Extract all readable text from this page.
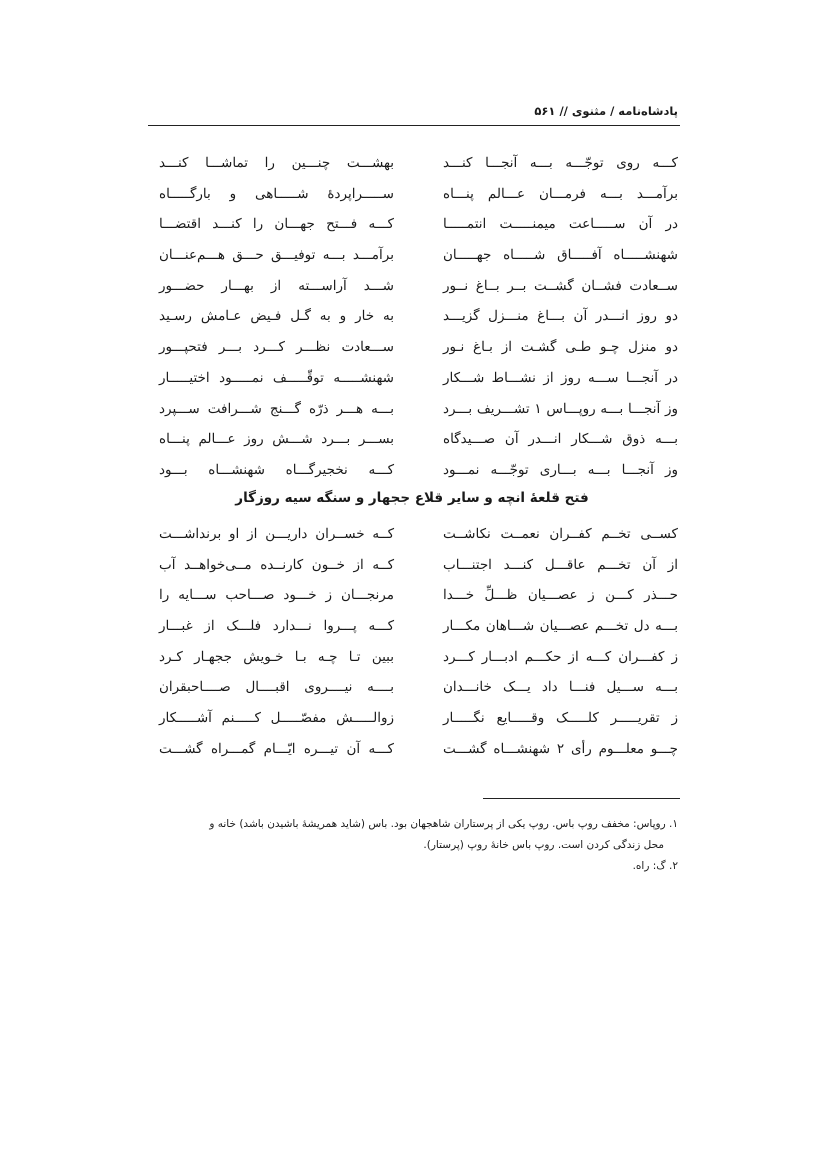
پادشاه‌نامه / مثنوی // ۵۶۱
کـــه روی توجّـــه بـــه آنجـــا کنـــد
بهشـــت چنـــین را تماشـــا کنـــد
برآمـــد بـــه فرمـــان عـــالم پنـــاه
ســـــراپردهٔ شـــــاهی و بارگـــــاه
در آن ســـــاعت میمنـــــت انتمـــــا
کـــه فـــتح جهـــان را کنـــد اقتضـــا
شهنشـــــاه آفـــــاق شـــــاه جهـــــان
برآمـــد بـــه توفیـــق حـــق هـــم‌عنـــان
ســعادت فشــان گشــت بــر بــاغ نــور
شـــد آراســـته از بهـــار حضـــور
دو روز انـــدر آن بـــاغ منـــزل گزیـــد
به خار و به گـل فـیض عـامش رسـید
دو منزل چـو طـی گشـت از بـاغ نـور
ســـعادت نظـــر کـــرد بـــر فتحپـــور
در آنجـــا ســـه روز از نشـــاط شـــکار
شهنشـــــه توقّـــــف نمـــــود اختیـــــار
وز آنجـــا بـــه روپـــاس ۱ تشـــریف بـــرد
بـــه هـــر ذرّه گـــنج شـــرافت ســـپرد
بـــه ذوق شـــکار انـــدر آن صـــیدگاه
بســـر بـــرد شـــش روز عـــالم پنـــاه
وز آنجـــا بـــه بـــاری توجّـــه نمـــود
کـــه نخجیرگـــاه شهنشـــاه بـــود
فتح قلعهٔ انچه و سایر قلاع ججهار و سنگه سیه روزگار
کســی تخــم کفــران نعمــت نکاشــت
کــه خســران داریـــن از او برنداشـــت
از آن تخـــم عاقـــل کنـــد اجتنـــاب
کــه از خــون کارنــده مــی‌خواهــد آب
حـــذر کـــن ز عصـــیان ظـــلِّ خـــدا
مرنجـــان ز خـــود صـــاحب ســـایه را
بـــه دل تخـــم عصـــیان شـــاهان مکـــار
کـــه پـــروا نـــدارد فلـــک از غبـــار
ز کفـــران کـــه از حکـــم ادبـــار کـــرد
ببین تـا چـه بـا خـویش ججهـار کـرد
بـــه ســـیل فنـــا داد یـــک خانـــدان
بــــه نیــــروی اقبــــال صــــاحبقران
ز تقریـــــر کلـــــک وقـــــایع نگـــــار
زوالـــــش مفصّـــــل کـــــنم آشـــــکار
چـــو معلـــوم رأی ۲ شهنشـــاه گشـــت
کـــه آن تیـــره ایّـــام گمـــراه گشـــت
۱. روپاس: مخفف روپ باس. روپ یکی از پرستاران شاهجهان بود. باس (شاید همریشهٔ باشیدن باشد) خانه و
محل زندگی کردن است. روپ باس خانهٔ روپ (پرستار).
۲. گ: راه.
